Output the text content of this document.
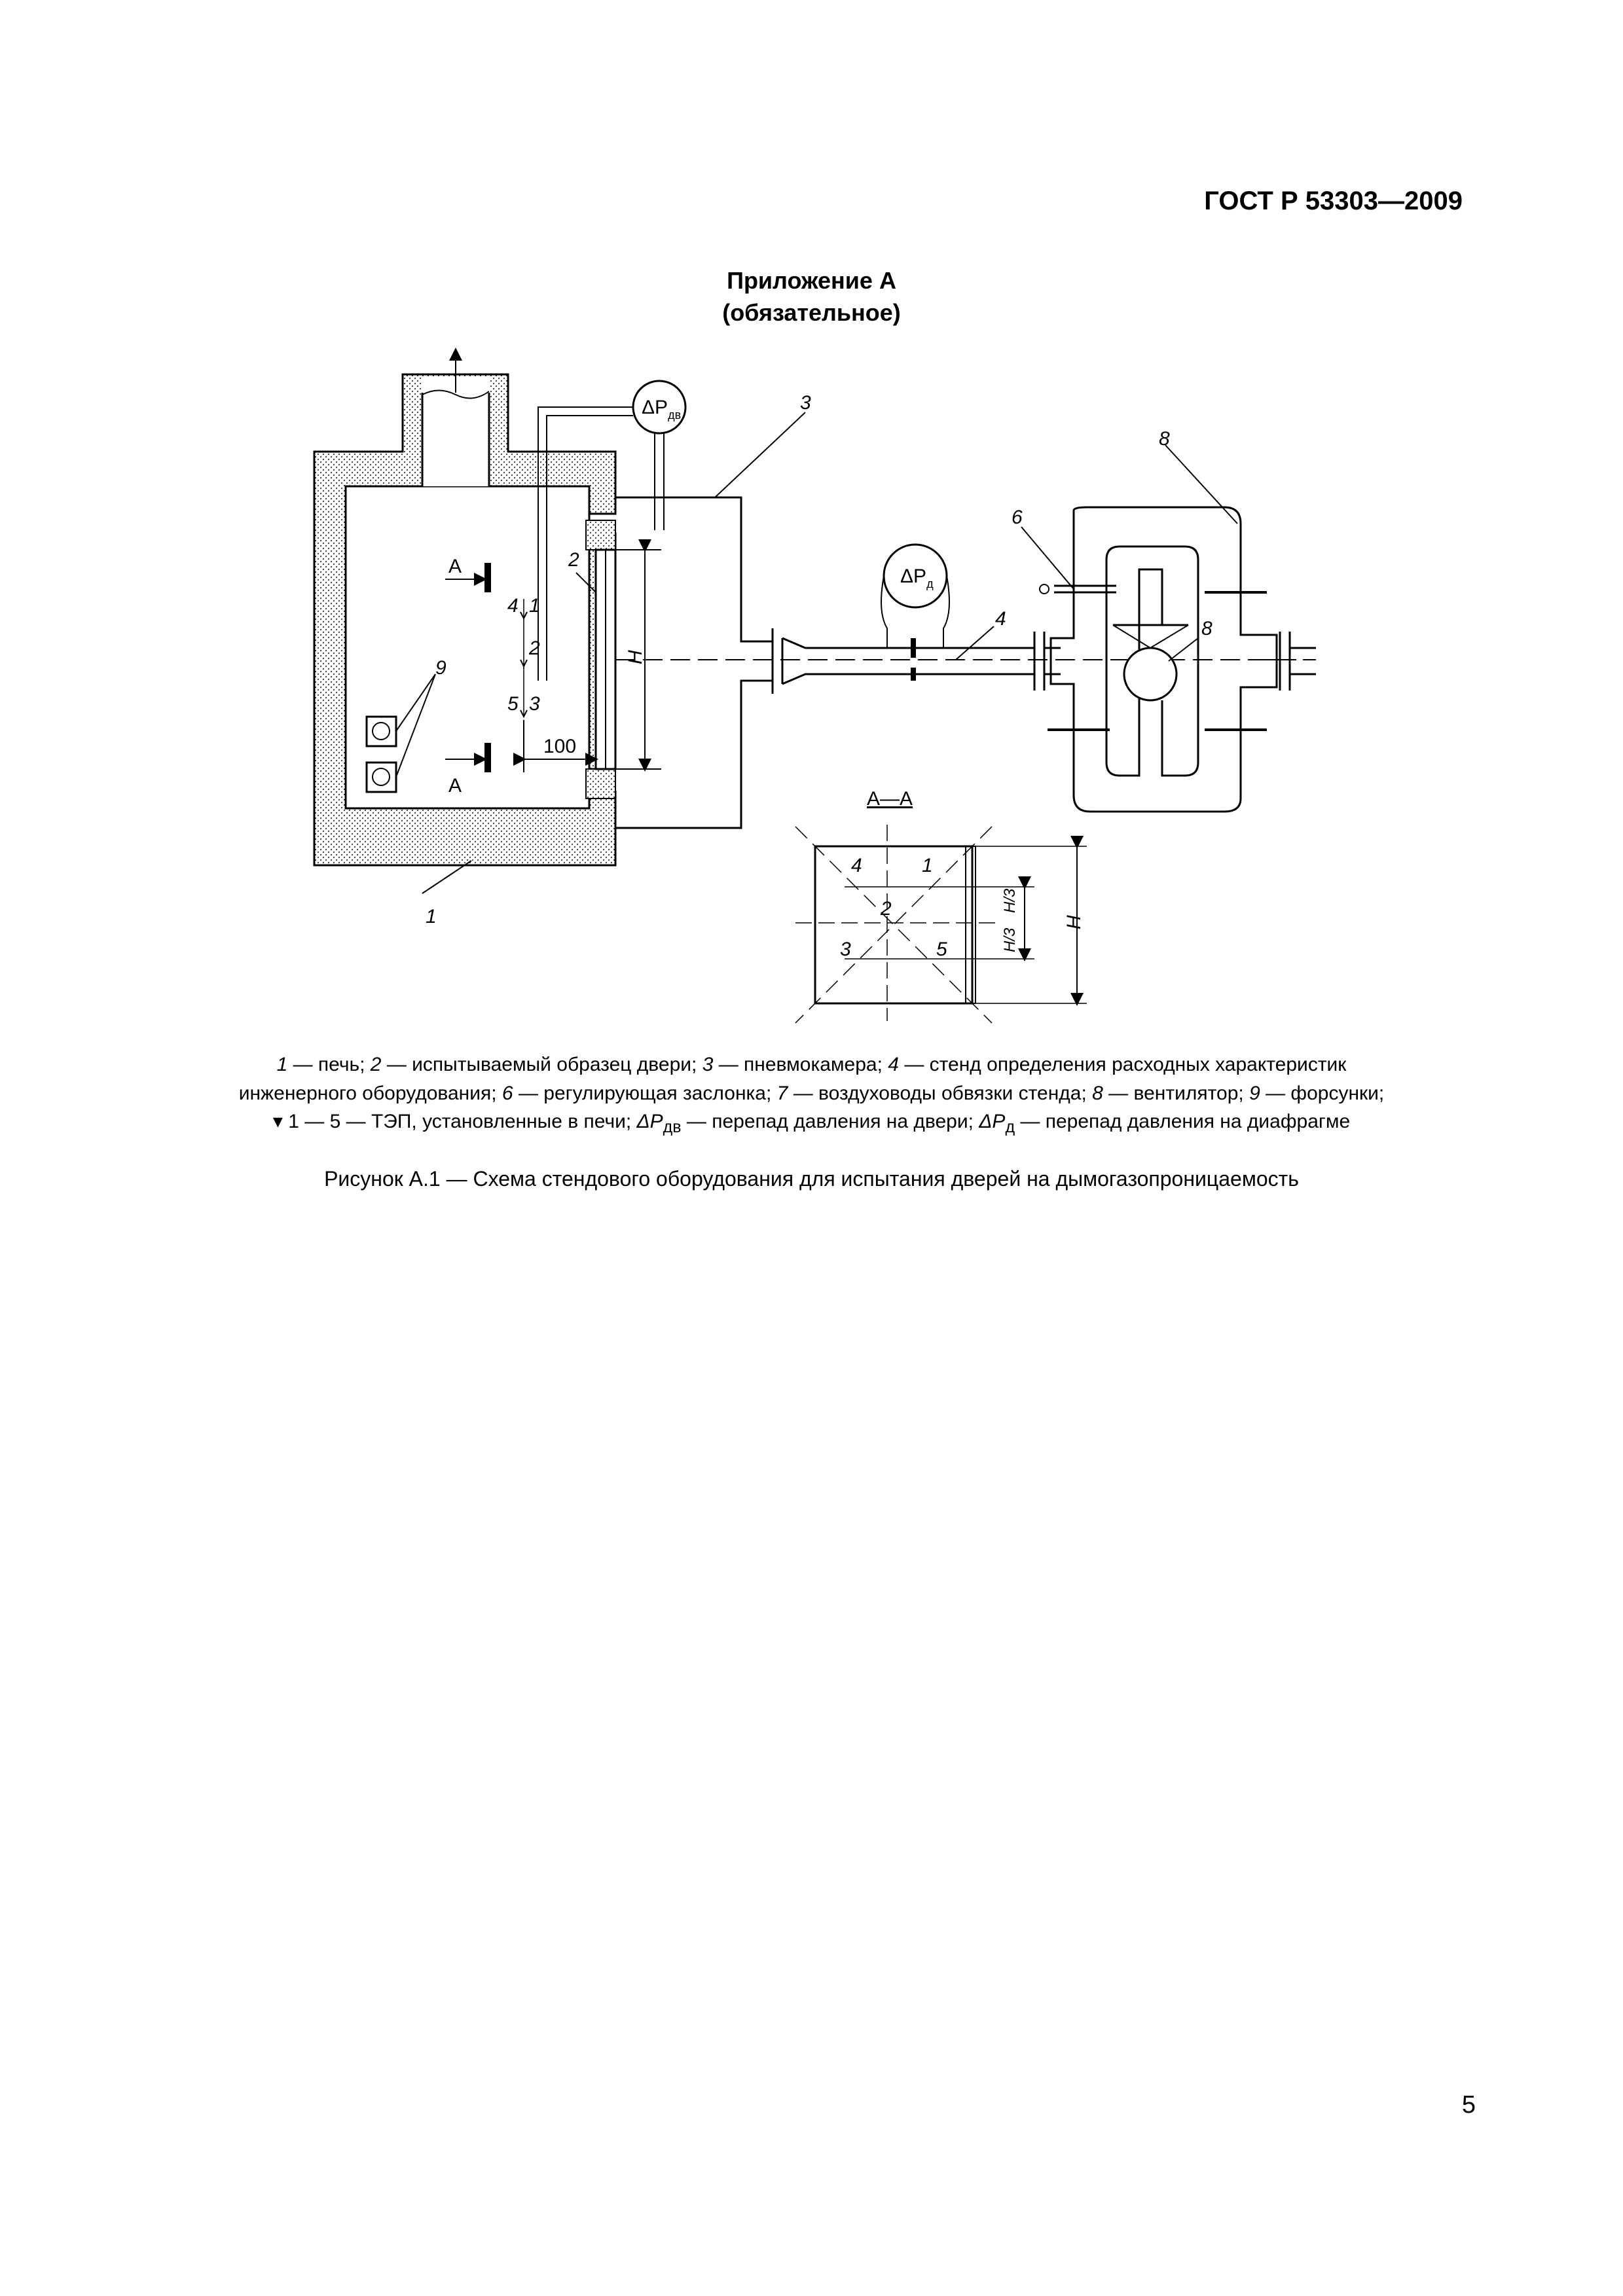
ГОСТ Р 53303—2009
Приложение А
(обязательное)
1
2
3
4
6
8
8
9
А
А
А—А
H
100
H
H/3
H/3
4 1
2
5 3
4	1
2
3	5
$\Delta P_{дв}$
$\Delta P_д$
1 — печь; 2 — испытываемый образец двери; 3 — пневмокамера; 4 — стенд определения расходных характеристик
инженерного оборудования; 6 — регулирующая заслонка; 7 — воздуховоды обвязки стенда; 8 — вентилятор; 9 — форсунки;
▾ 1 — 5 — ТЭП, установленные в печи; $\Delta P_{дв}$ — перепад давления на двери; $\Delta P_д$ — перепад давления на диафрагме
Рисунок А.1 — Схема стендового оборудования для испытания дверей на дымогазопроницаемость
5
